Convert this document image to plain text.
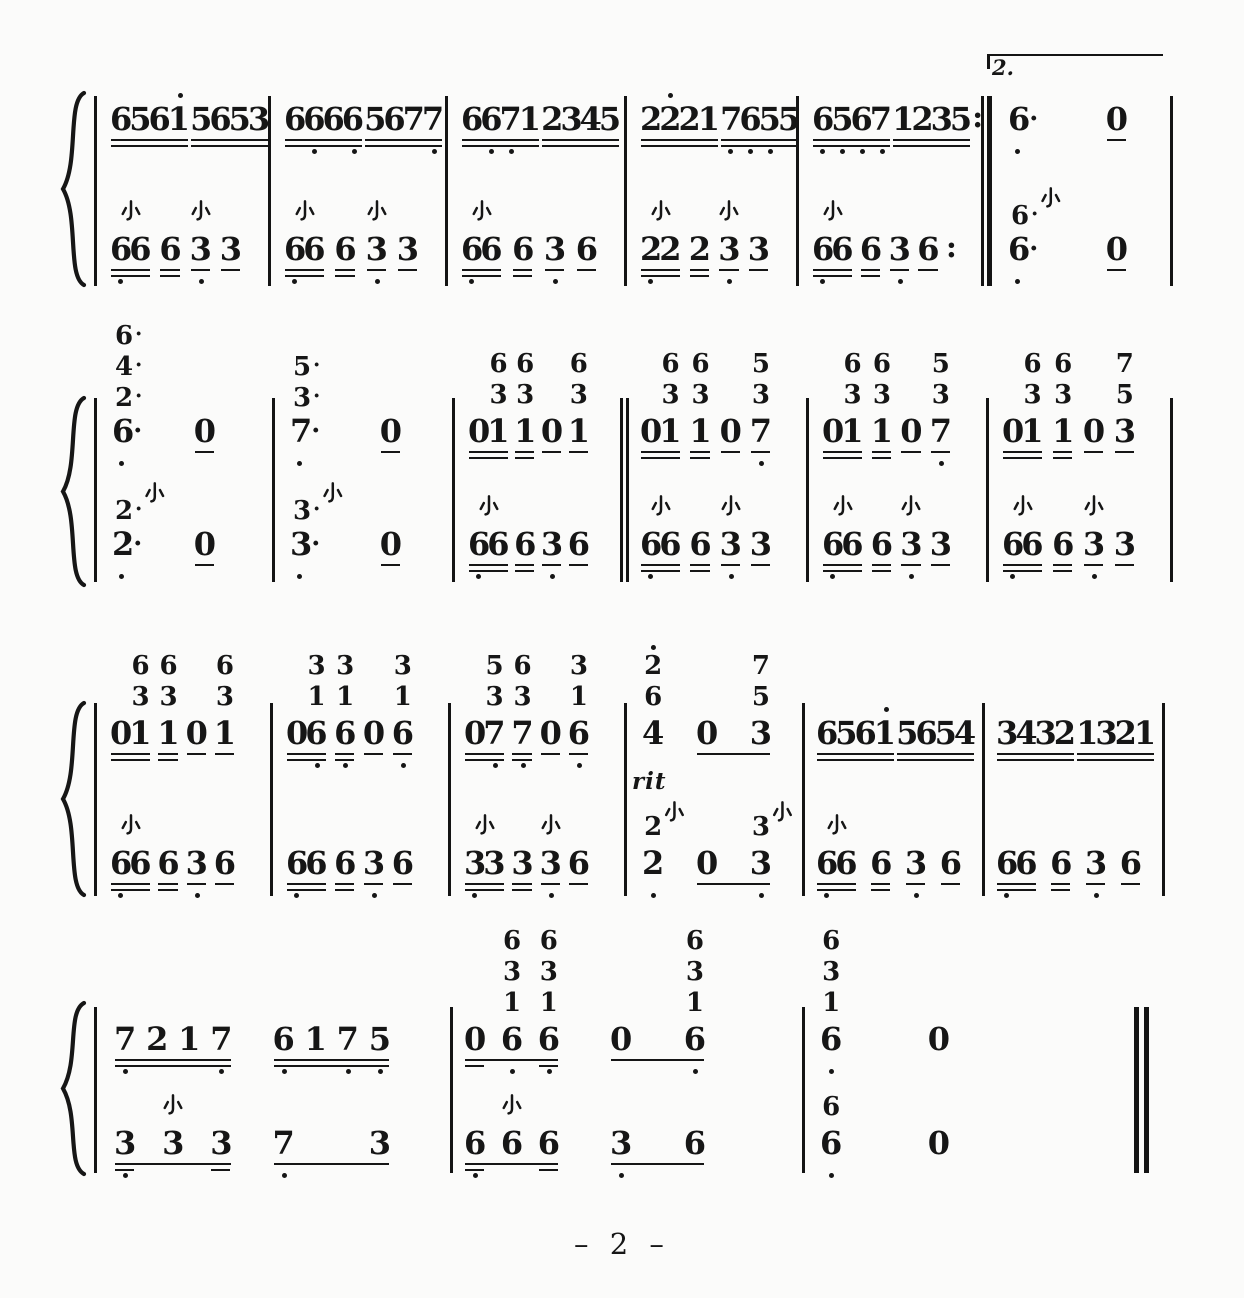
2.
6561 5653
66 6 3 3
6666 5677
66 6 3 3
6671 2345
66 6 3 6
2221 7655
22 2 3 3
6567 1235 :
66 6 3 6 :
6· 0
6·
6·
0
6·
6·
4·
2·
0
2·
2·
0
7·
5·
3·
0
3·
3·
0
01
6
3
1
6
3
0 1
6
3
66 6 3 6
01
6
3
1
6
3
0 7
5
3
66 6 3 3
01
6
3
1
6
3
0 7
5
3
66 6 3 3
01
6
3
1
6
3
0 3
7
5
66 6 3 3
01
6
3
1
6
3
0 1
6
3
66 6 3 6
06
3
1
6
3
1
0 6
3
1
66 6 3 6
07
5
3
7
6
3
0 6
3
1
33 3 3 6
4
2
6
0 3
7
5
2
2
0 3
3
rit
6561 5654
66 6 3 6
3432 1321
66 6 3 6
7 2 1 7 6 1 7 5
3 3 3 7 3
0 6
6
3
1
6
6
3
1
0 6
6
3
1
6 6 6 3 6
6
6
3
1
0
6
6
0
– 2 –
